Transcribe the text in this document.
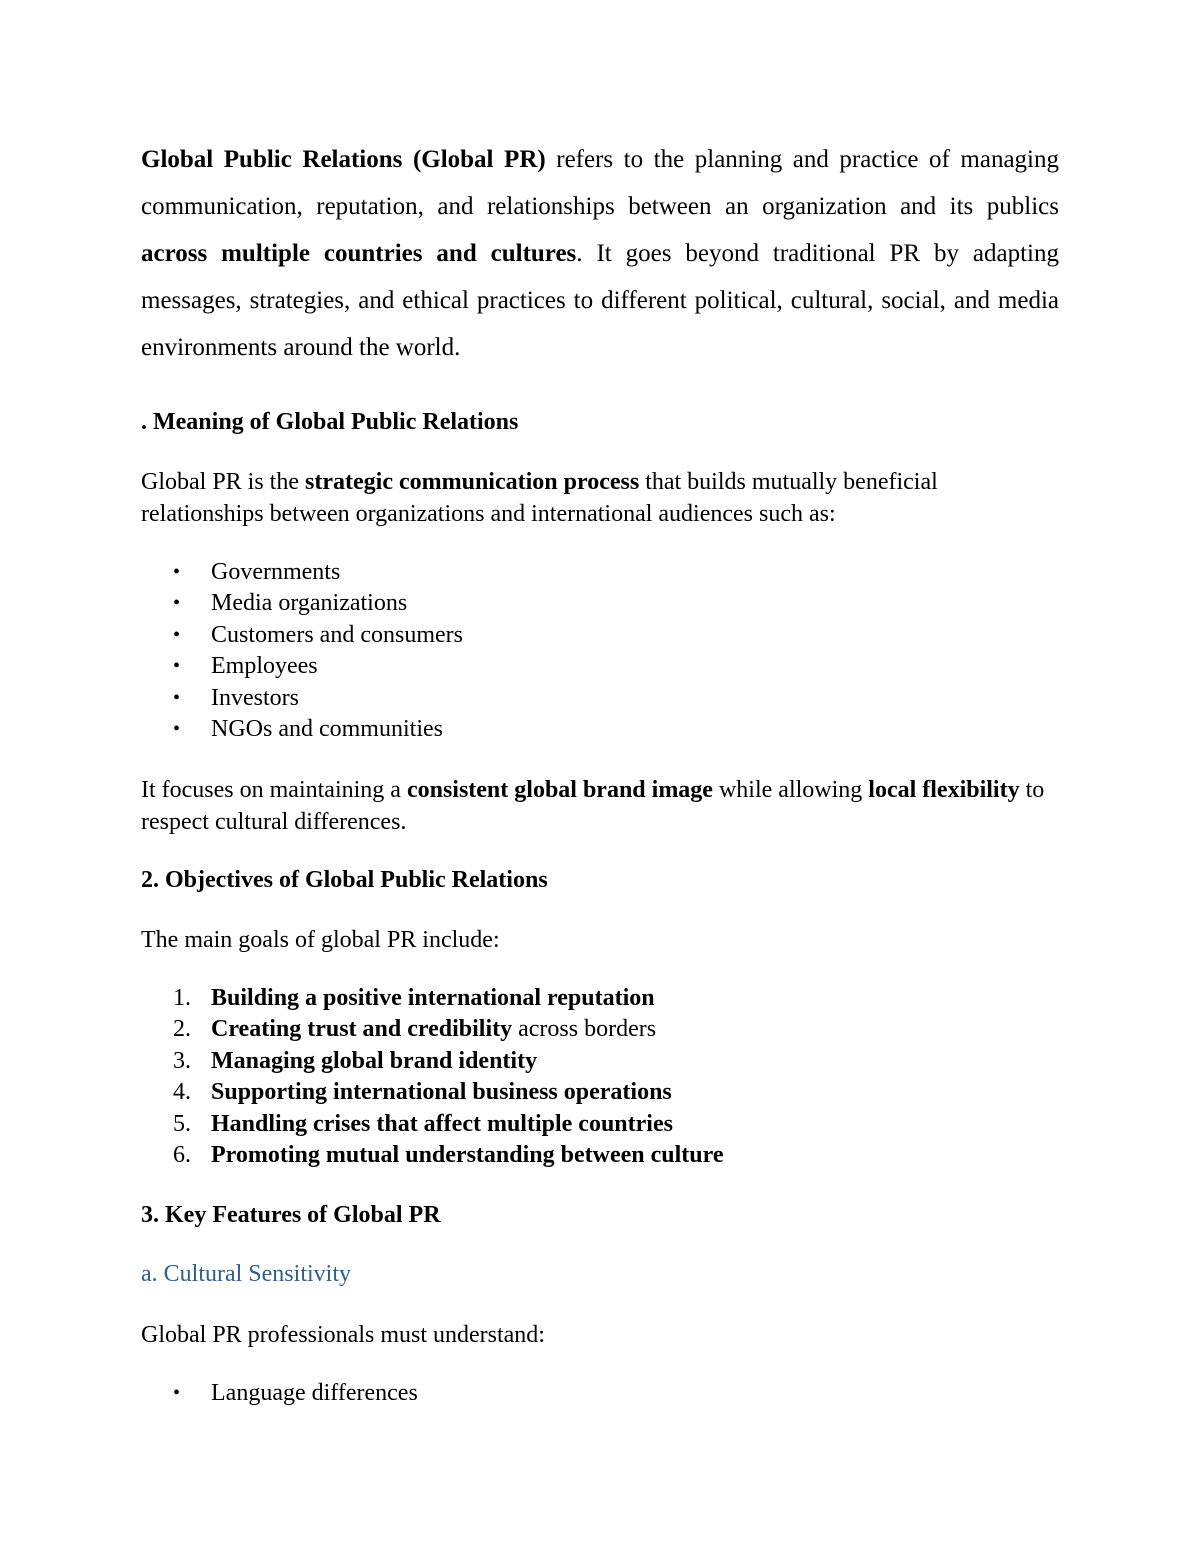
Global Public Relations (Global PR) refers to the planning and practice of managing communication, reputation, and relationships between an organization and its publics across multiple countries and cultures. It goes beyond traditional PR by adapting messages, strategies, and ethical practices to different political, cultural, social, and media environments around the world.

. Meaning of Global Public Relations

Global PR is the strategic communication process that builds mutually beneficial relationships between organizations and international audiences such as:

• Governments
• Media organizations
• Customers and consumers
• Employees
• Investors
• NGOs and communities

It focuses on maintaining a consistent global brand image while allowing local flexibility to respect cultural differences.

2. Objectives of Global Public Relations

The main goals of global PR include:

1. Building a positive international reputation
2. Creating trust and credibility across borders
3. Managing global brand identity
4. Supporting international business operations
5. Handling crises that affect multiple countries
6. Promoting mutual understanding between culture
3. Key Features of Global PR
a. Cultural Sensitivity

Global PR professionals must understand:

• Language differences
